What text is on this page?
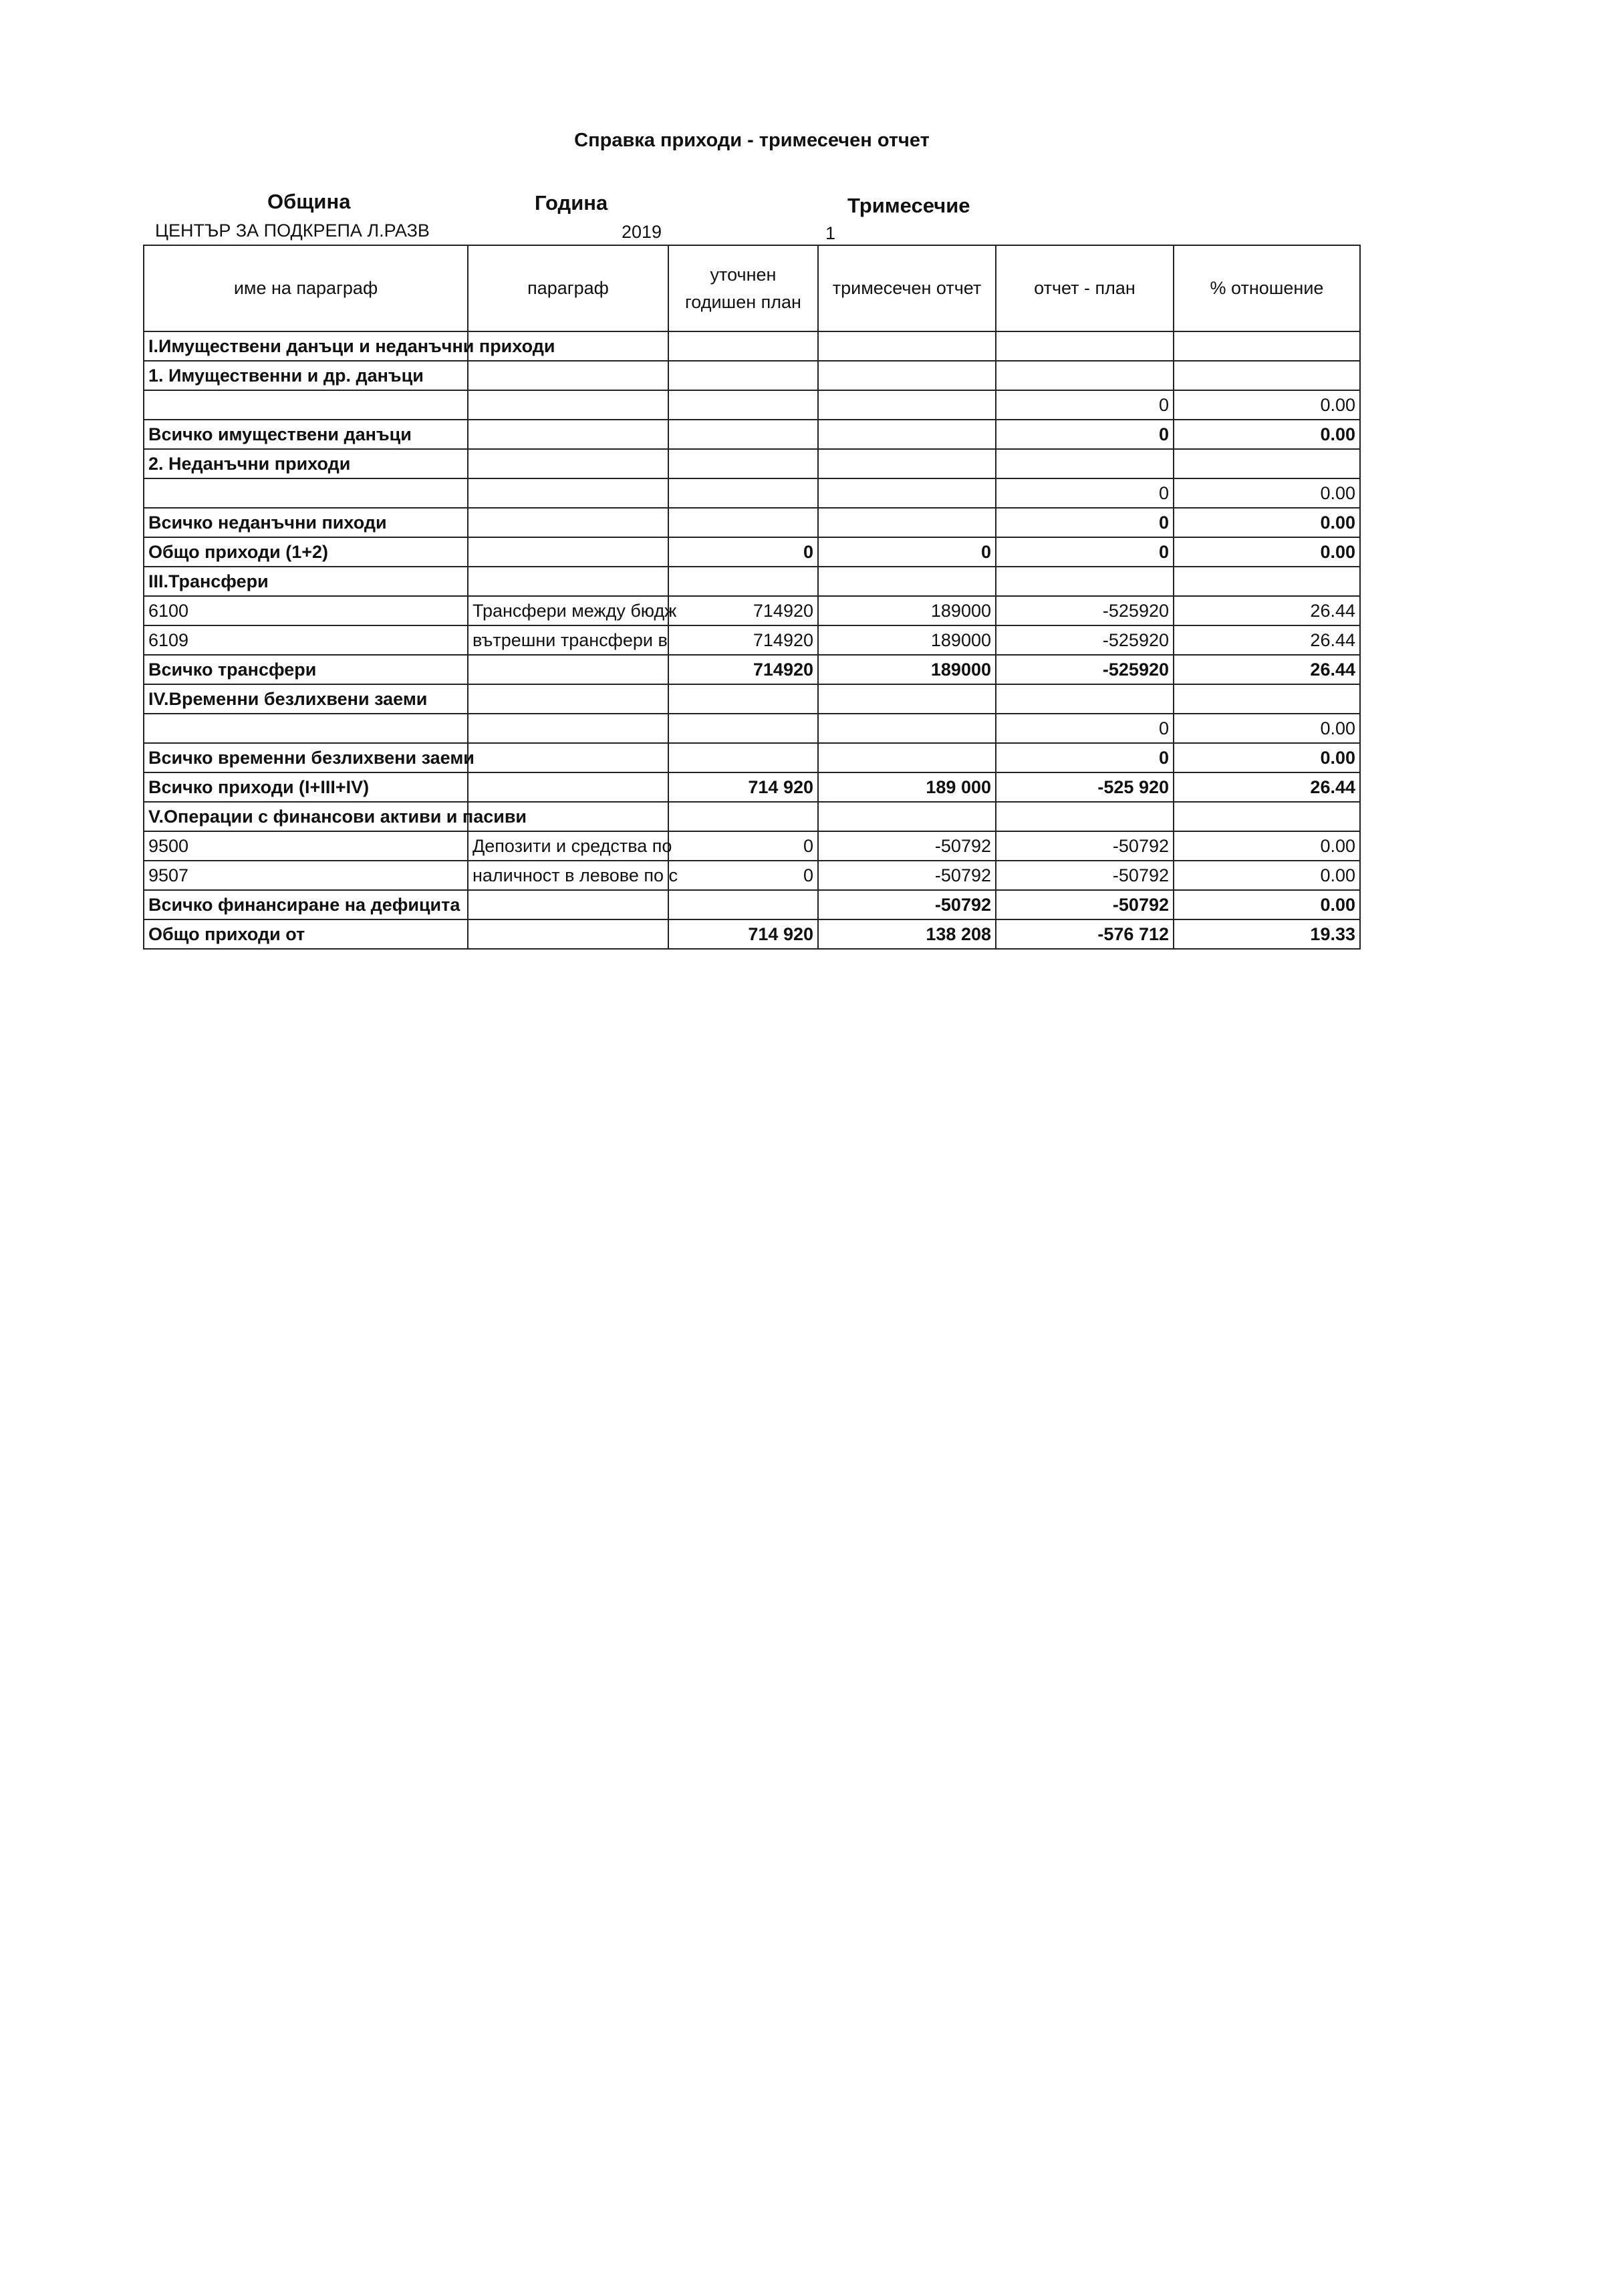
Справка приходи - тримесечен отчет
Община	Година	Тримесечие
ЦЕНТЪР ЗА ПОДКРЕПА Л.РАЗВ	2019	1
име на параграф	параграф	уточнен годишен план	тримесечен отчет	отчет - план	% отношение
I.Имуществени данъци и неданъчни приходи					
1. Имущественни и др. данъци					
				0	0.00
Всичко имуществени данъци				0	0.00
2. Неданъчни приходи					
				0	0.00
Всичко неданъчни пиходи				0	0.00
Общо приходи (1+2)		0	0	0	0.00
III.Трансфери					
6100	Трансфери между бюдж	714920	189000	-525920	26.44
6109	вътрешни трансфери в	714920	189000	-525920	26.44
Всичко трансфери		714920	189000	-525920	26.44
IV.Временни безлихвени заеми					
				0	0.00
Всичко временни безлихвени заеми				0	0.00
Всичко приходи (I+III+IV)		714 920	189 000	-525 920	26.44
V.Операции с финансови активи и пасиви					
9500	Депозити и средства по	0	-50792	-50792	0.00
9507	наличност в левове по с	0	-50792	-50792	0.00
Всичко финансиране на дефицита			-50792	-50792	0.00
Общо приходи от		714 920	138 208	-576 712	19.33
